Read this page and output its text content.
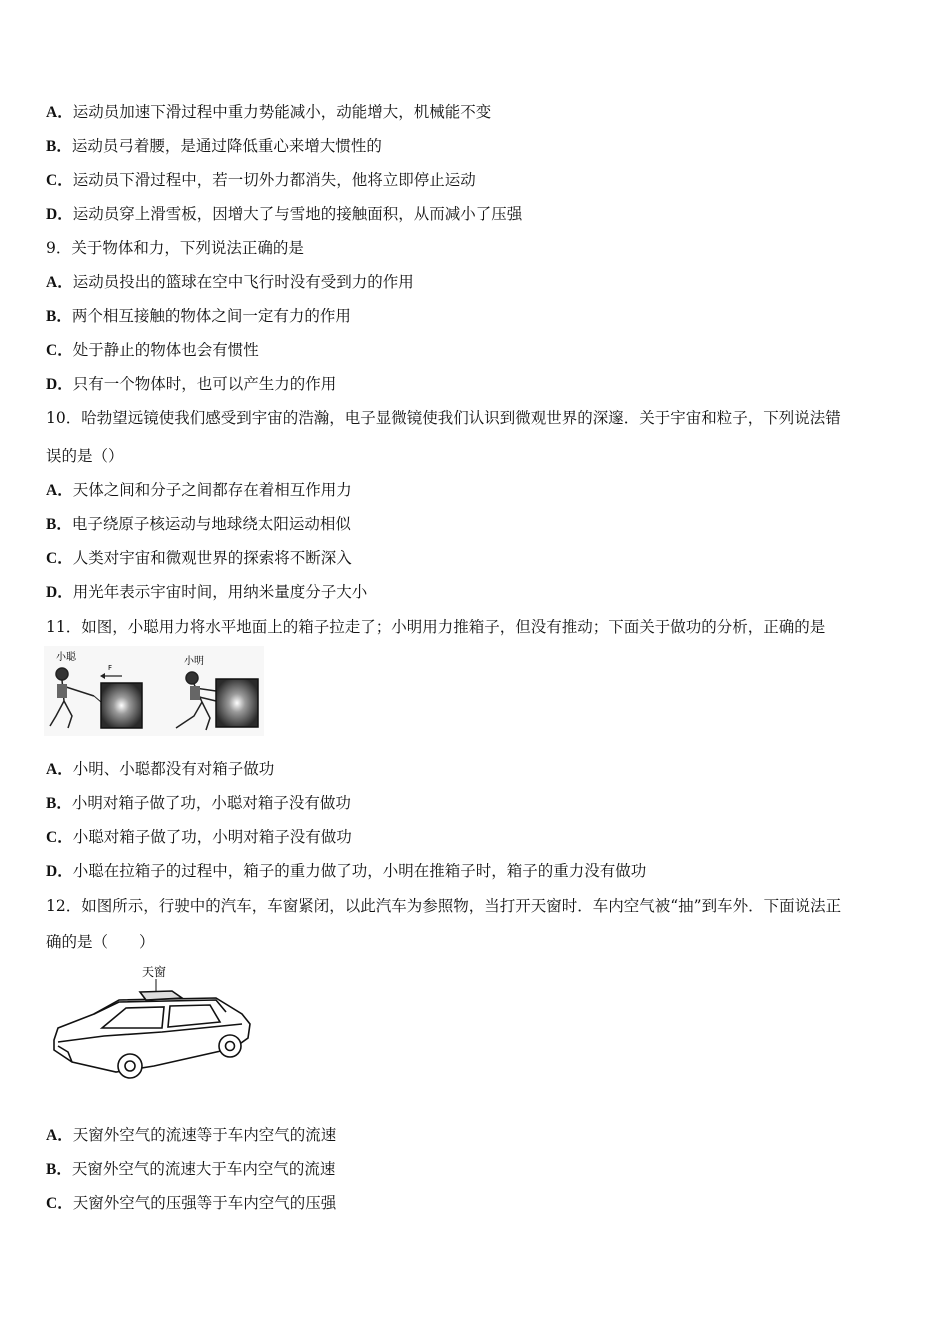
A．运动员加速下滑过程中重力势能减小，动能增大，机械能不变
B．运动员弓着腰，是通过降低重心来增大惯性的
C．运动员下滑过程中，若一切外力都消失，他将立即停止运动
D．运动员穿上滑雪板，因增大了与雪地的接触面积，从而减小了压强
9．关于物体和力，下列说法正确的是
A．运动员投出的篮球在空中飞行时没有受到力的作用
B．两个相互接触的物体之间一定有力的作用
C．处于静止的物体也会有惯性
D．只有一个物体时，也可以产生力的作用
10．哈勃望远镜使我们感受到宇宙的浩瀚，电子显微镜使我们认识到微观世界的深邃．关于宇宙和粒子，下列说法错
误的是（）
A．天体之间和分子之间都存在着相互作用力
B．电子绕原子核运动与地球绕太阳运动相似
C．人类对宇宙和微观世界的探索将不断深入
D．用光年表示宇宙时间，用纳米量度分子大小
11．如图，小聪用力将水平地面上的箱子拉走了；小明用力推箱子，但没有推动；下面关于做功的分析，正确的是
小聪	小明
F
A．小明、小聪都没有对箱子做功
B．小明对箱子做了功，小聪对箱子没有做功
C．小聪对箱子做了功，小明对箱子没有做功
D．小聪在拉箱子的过程中，箱子的重力做了功，小明在推箱子时，箱子的重力没有做功
12．如图所示，行驶中的汽车，车窗紧闭，以此汽车为参照物，当打开天窗时．车内空气被“抽”到车外．下面说法正
确的是（　　）
天窗
A．天窗外空气的流速等于车内空气的流速
B．天窗外空气的流速大于车内空气的流速
C．天窗外空气的压强等于车内空气的压强
